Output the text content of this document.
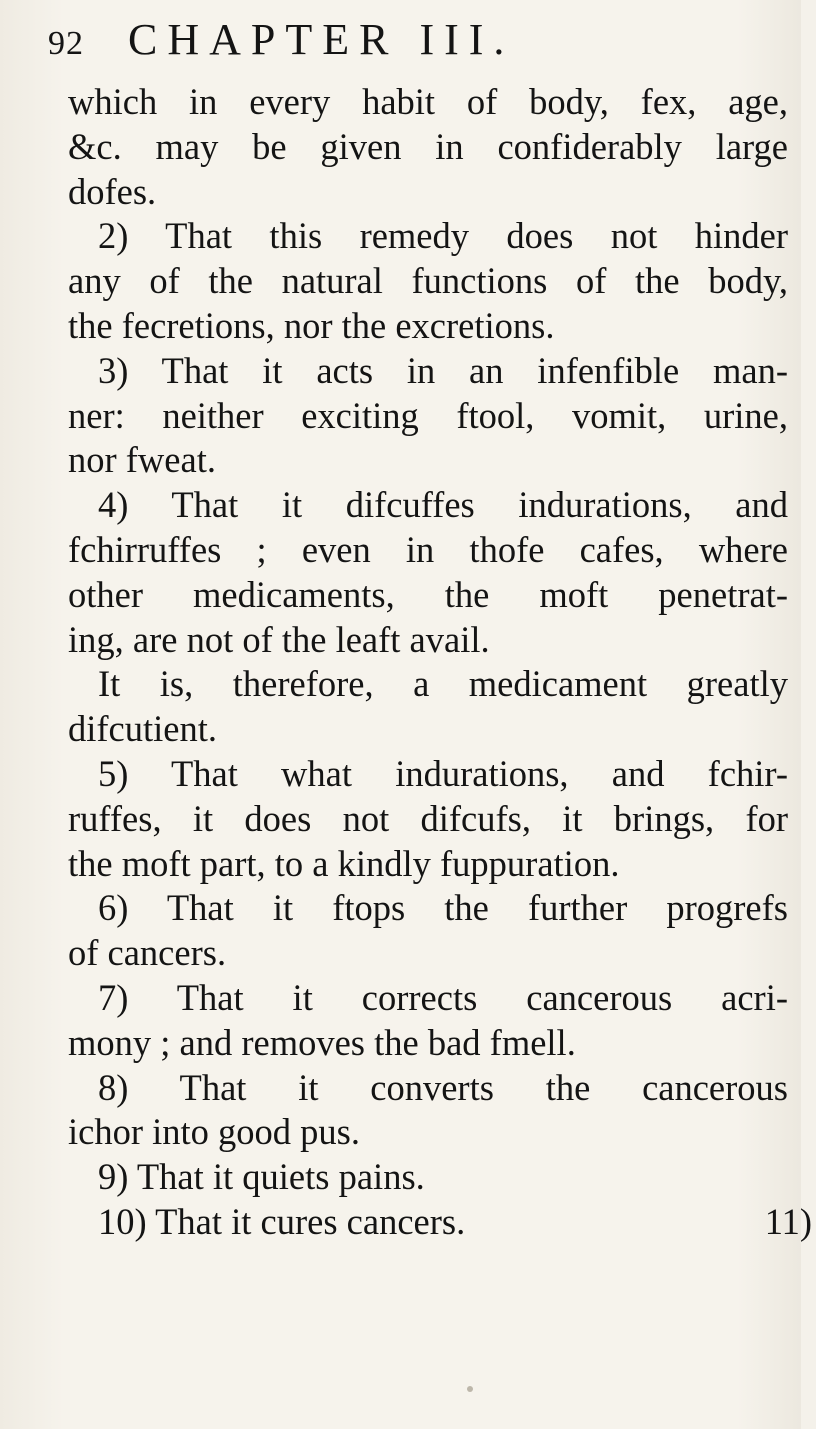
92	CHAPTER III.
which in every habit of body, fex, age,
&c. may be given in confiderably large
dofes.
2) That this remedy does not hinder
any of the natural functions of the body,
the fecretions, nor the excretions.
3) That it acts in an infenfible man-
ner: neither exciting ftool, vomit, urine,
nor fweat.
4) That it difcuffes indurations, and
fchirruffes ; even in thofe cafes, where
other medicaments, the moft penetrat-
ing, are not of the leaft avail.
It is, therefore, a medicament greatly
difcutient.
5) That what indurations, and fchir-
ruffes, it does not difcufs, it brings, for
the moft part, to a kindly fuppuration.
6) That it ftops the further progrefs
of cancers.
7) That it corrects cancerous acri-
mony ; and removes the bad fmell.
8) That it converts the cancerous
ichor into good pus.
9) That it quiets pains.
10) That it cures cancers.	11)
